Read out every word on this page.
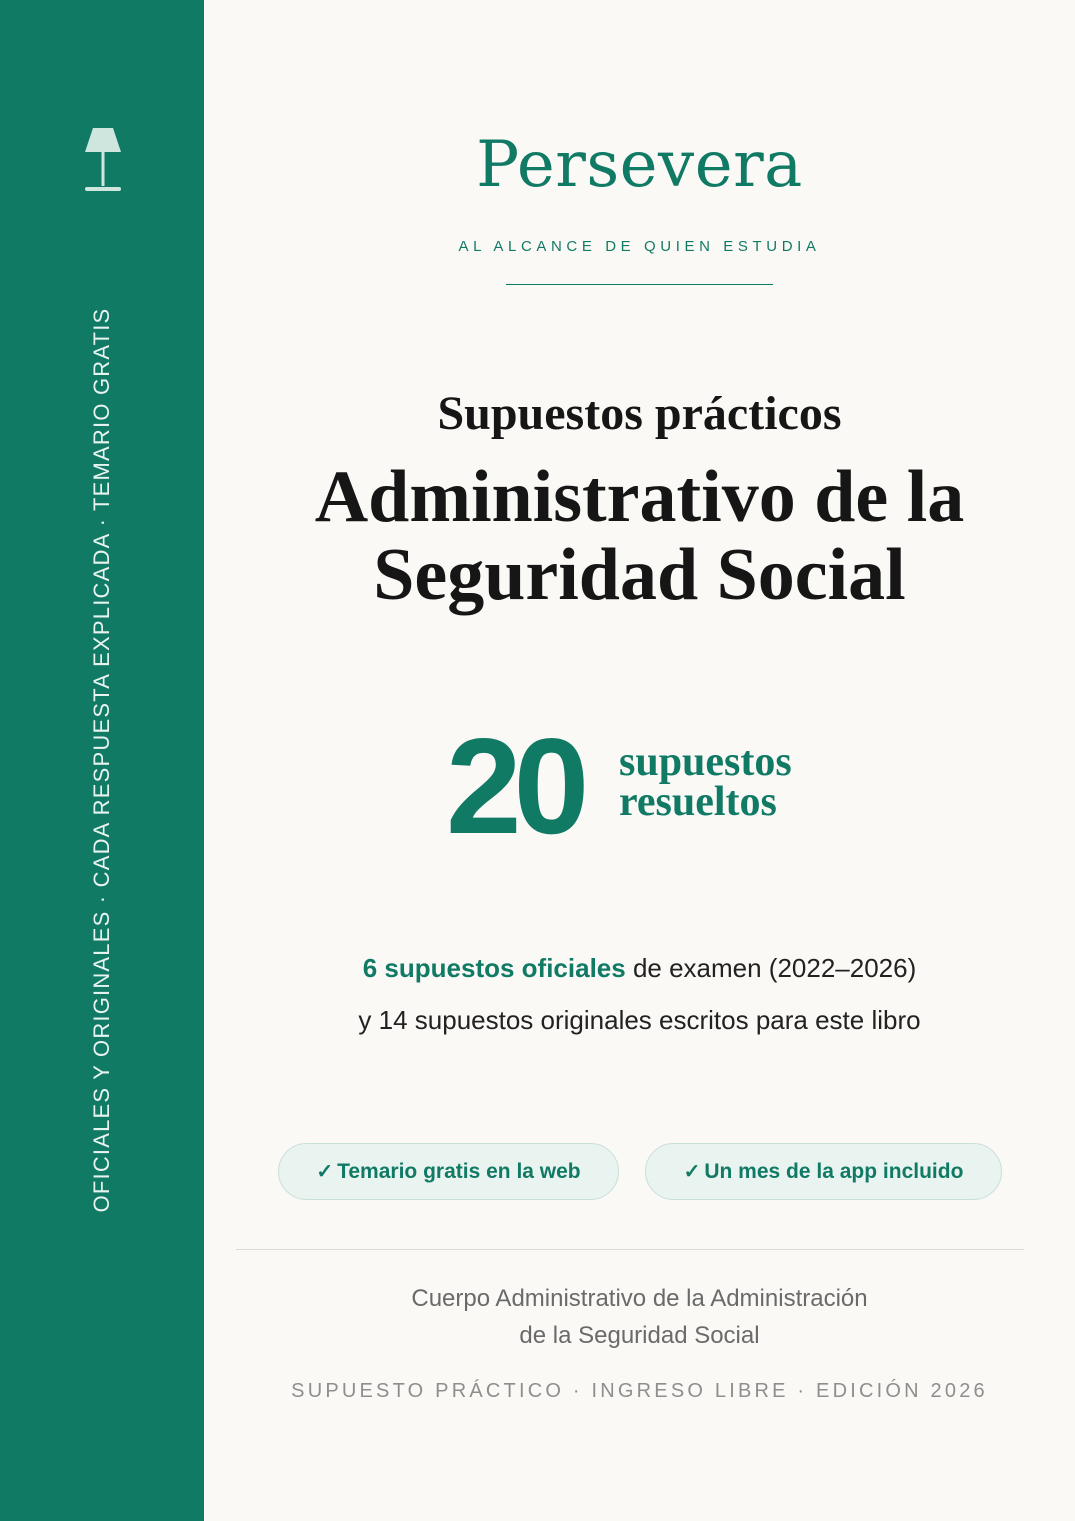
OFICIALES Y ORIGINALES · CADA RESPUESTA EXPLICADA · TEMARIO GRATIS
Persevera
AL ALCANCE DE QUIEN ESTUDIA
Supuestos prácticos
Administrativo de la
Seguridad Social
20 supuestos
resueltos
6 supuestos oficiales de examen (2022–2026)
y 14 supuestos originales escritos para este libro
✓ Temario gratis en la web	✓ Un mes de la app incluido
Cuerpo Administrativo de la Administración
de la Seguridad Social
SUPUESTO PRÁCTICO · INGRESO LIBRE · EDICIÓN 2026
